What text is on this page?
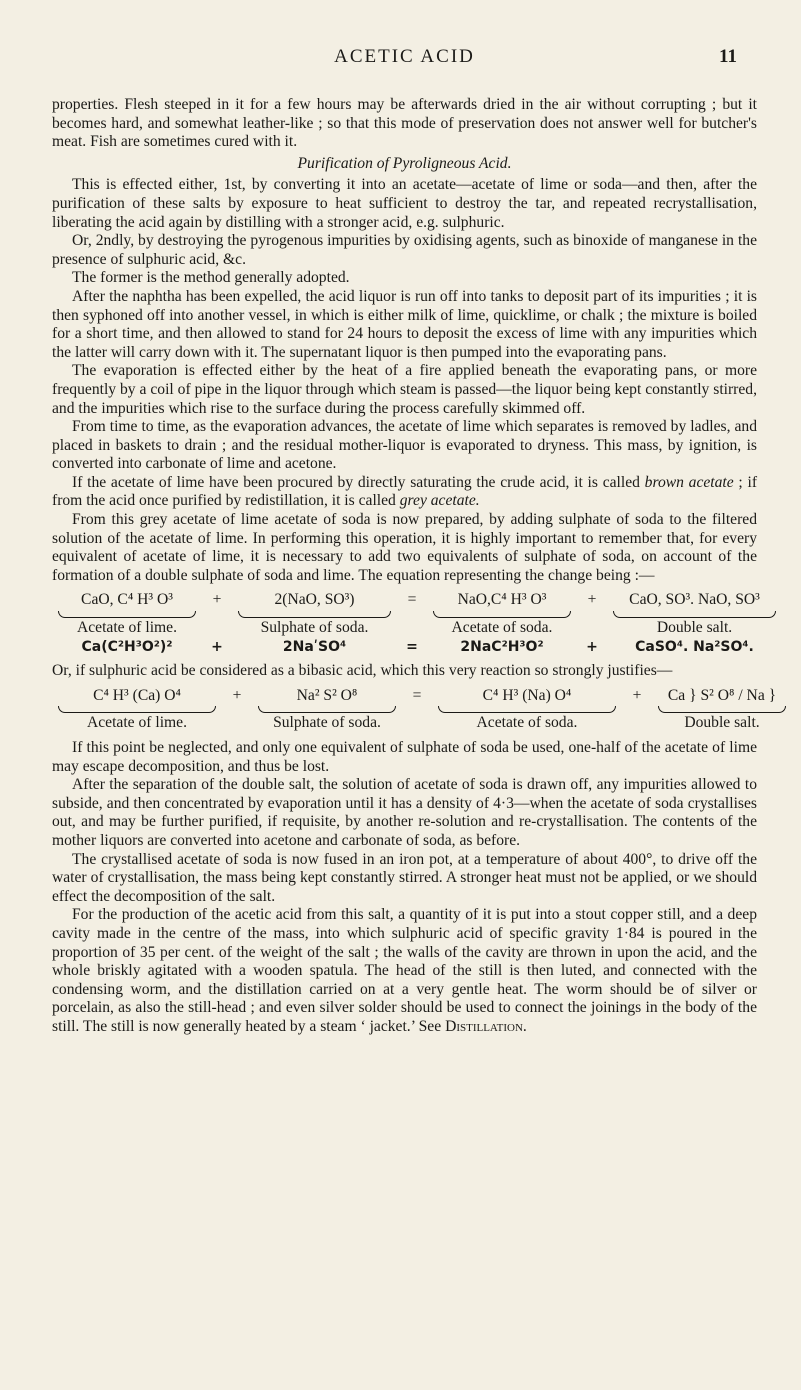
ACETIC ACID	11

properties. Flesh steeped in it for a few hours may be afterwards dried in the air without corrupting ; but it becomes hard, and somewhat leather-like ; so that this mode of preservation does not answer well for butcher's meat. Fish are sometimes cured with it.

Purification of Pyroligneous Acid.

This is effected either, 1st, by converting it into an acetate—acetate of lime or soda—and then, after the purification of these salts by exposure to heat sufficient to destroy the tar, and repeated recrystallisation, liberating the acid again by distilling with a stronger acid, e.g. sulphuric.

Or, 2ndly, by destroying the pyrogenous impurities by oxidising agents, such as binoxide of manganese in the presence of sulphuric acid, &c.

The former is the method generally adopted.

After the naphtha has been expelled, the acid liquor is run off into tanks to deposit part of its impurities ; it is then syphoned off into another vessel, in which is either milk of lime, quicklime, or chalk ; the mixture is boiled for a short time, and then allowed to stand for 24 hours to deposit the excess of lime with any impurities which the latter will carry down with it. The supernatant liquor is then pumped into the evaporating pans.

The evaporation is effected either by the heat of a fire applied beneath the evaporating pans, or more frequently by a coil of pipe in the liquor through which steam is passed—the liquor being kept constantly stirred, and the impurities which rise to the surface during the process carefully skimmed off.

From time to time, as the evaporation advances, the acetate of lime which separates is removed by ladles, and placed in baskets to drain ; and the residual mother-liquor is evaporated to dryness. This mass, by ignition, is converted into carbonate of lime and acetone.

If the acetate of lime have been procured by directly saturating the crude acid, it is called brown acetate ; if from the acid once purified by redistillation, it is called grey acetate.

From this grey acetate of lime acetate of soda is now prepared, by adding sulphate of soda to the filtered solution of the acetate of lime. In performing this operation, it is highly important to remember that, for every equivalent of acetate of lime, it is necessary to add two equivalents of sulphate of soda, on account of the formation of a double sulphate of soda and lime. The equation representing the change being :—

CaO, C⁴ H³ O³	+	2(NaO, SO³)	=	NaO,C⁴ H³ O³	+	CaO, SO³. NaO, SO³
Acetate of lime.	Sulphate of soda.	Acetate of soda.	Double salt.
Ca(C²H³O²)²	+	2NaʹSO⁴	=	2NaC²H³O²	+	CaSO⁴. Na²SO⁴.

Or, if sulphuric acid be considered as a bibasic acid, which this very reaction so strongly justifies—

C⁴ H³ (Ca) O⁴	+	Na² S² O⁸	=	C⁴ H³ (Na) O⁴	+	Ca } S² O⁸ / Na }
Acetate of lime.	Sulphate of soda.	Acetate of soda.	Double salt.

If this point be neglected, and only one equivalent of sulphate of soda be used, one-half of the acetate of lime may escape decomposition, and thus be lost.

After the separation of the double salt, the solution of acetate of soda is drawn off, any impurities allowed to subside, and then concentrated by evaporation until it has a density of 4·3—when the acetate of soda crystallises out, and may be further purified, if requisite, by another re-solution and re-crystallisation. The contents of the mother liquors are converted into acetone and carbonate of soda, as before.

The crystallised acetate of soda is now fused in an iron pot, at a temperature of about 400°, to drive off the water of crystallisation, the mass being kept constantly stirred. A stronger heat must not be applied, or we should effect the decomposition of the salt.

For the production of the acetic acid from this salt, a quantity of it is put into a stout copper still, and a deep cavity made in the centre of the mass, into which sulphuric acid of specific gravity 1·84 is poured in the proportion of 35 per cent. of the weight of the salt ; the walls of the cavity are thrown in upon the acid, and the whole briskly agitated with a wooden spatula. The head of the still is then luted, and connected with the condensing worm, and the distillation carried on at a very gentle heat. The worm should be of silver or porcelain, as also the still-head ; and even silver solder should be used to connect the joinings in the body of the still. The still is now generally heated by a steam ‘ jacket.’ See Distillation.
